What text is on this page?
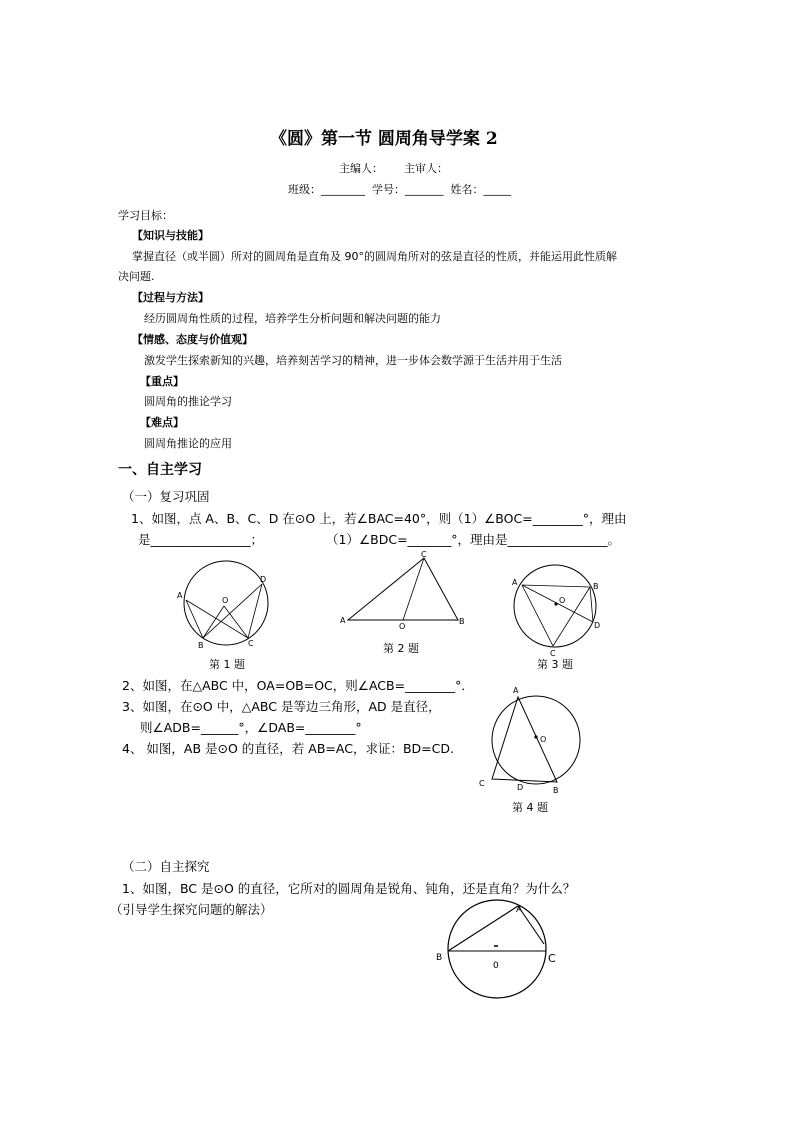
《圆》第一节 圆周角导学案 2
主编人：      主审人：
班级：________  学号：_______  姓名：_____
学习目标：
【知识与技能】
掌握直径（或半圆）所对的圆周角是直角及 90°的圆周角所对的弦是直径的性质，并能运用此性质解
决问题.
【过程与方法】
经历圆周角性质的过程，培养学生分析问题和解决问题的能力
【情感、态度与价值观】
激发学生探索新知的兴趣，培养刻苦学习的精神，进一步体会数学源于生活并用于生活
【重点】
圆周角的推论学习
【难点】
圆周角推论的应用
一、自主学习
（一）复习巩固
1、如图，点 A、B、C、D 在⊙O 上，若∠BAC=40°，则（1）∠BOC=________°，理由
是________________；	（1）∠BDC=_______°，理由是________________。
A
B	C
D
O
第 1 题
A	B
C
O
第 2 题
A	B
C
D
O
第 3 题
2、如图，在△ABC 中，OA=OB=OC，则∠ACB=________°．
3、如图，在⊙O 中，△ABC 是等边三角形，AD 是直径，
则∠ADB=______°，∠DAB=________°
4、 如图，AB 是⊙O 的直径，若 AB=AC，求证：BD=CD.
A
B
C	D
O
第 4 题
（二）自主探究
1、如图，BC 是⊙O 的直径，它所对的圆周角是锐角、钝角，还是直角？为什么？
（引导学生探究问题的解法）
B	C
A
0
